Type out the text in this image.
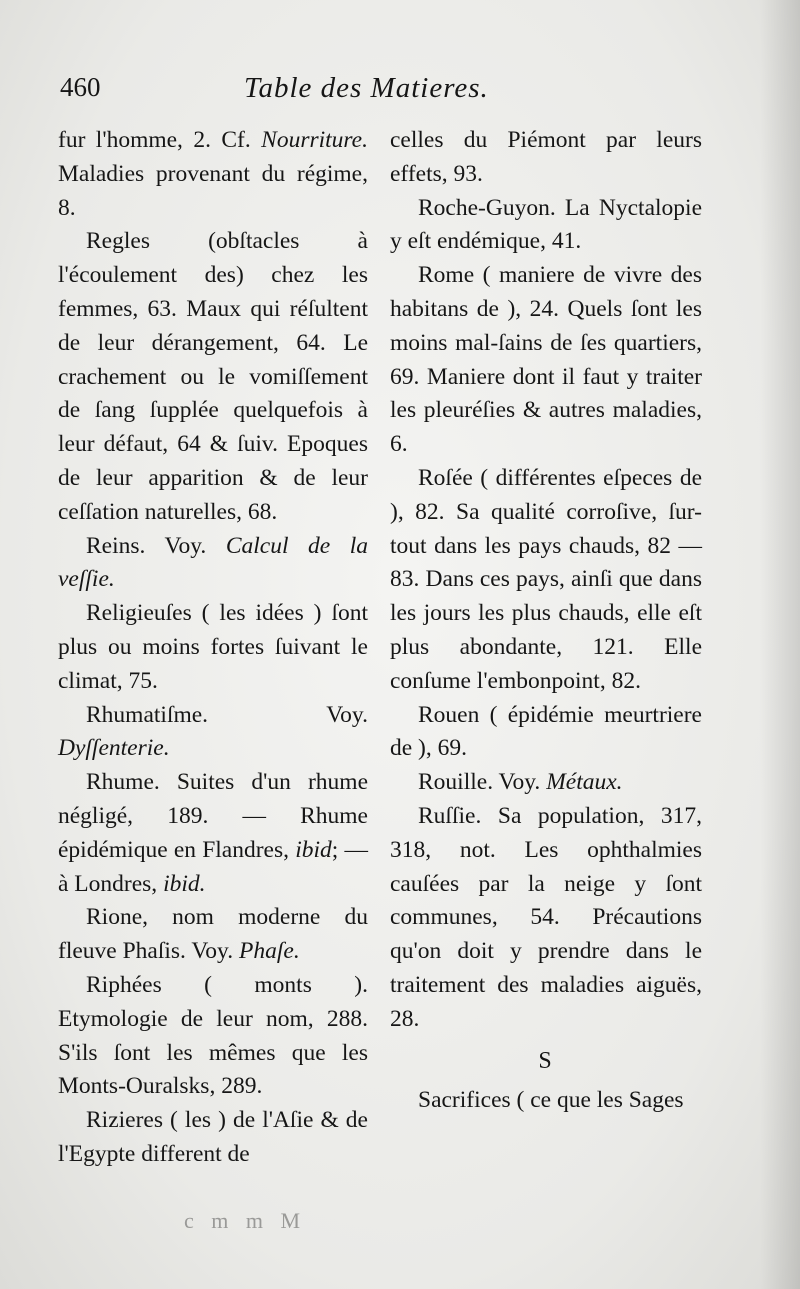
460	Table des Matieres.
fur l'homme, 2. Cf. Nourriture. Maladies provenant du régime, 8.
Regles (obſtacles à l'écoulement des) chez les femmes, 63. Maux qui réſultent de leur dérangement, 64. Le crachement ou le vomiſſement de ſang ſupplée quelquefois à leur défaut, 64 & ſuiv. Epoques de leur apparition & de leur ceſſation naturelles, 68.
Reins. Voy. Calcul de la veſſie.
Religieuſes ( les idées ) ſont plus ou moins fortes ſuivant le climat, 75.
Rhumatiſme. Voy. Dyſſenterie.
Rhume. Suites d'un rhume négligé, 189. — Rhume épidémique en Flandres, ibid; — à Londres, ibid.
Rione, nom moderne du fleuve Phaſis. Voy. Phaſe.
Riphées ( monts ). Etymologie de leur nom, 288. S'ils ſont les mêmes que les Monts-Ouralsks, 289.
Rizieres ( les ) de l'Aſie & de l'Egypte different de
celles du Piémont par leurs effets, 93.
Roche-Guyon. La Nyctalopie y eſt endémique, 41.
Rome ( maniere de vivre des habitans de ), 24. Quels ſont les moins mal-ſains de ſes quartiers, 69. Maniere dont il faut y traiter les pleuréſies & autres maladies, 6.
Roſée ( différentes eſpeces de ), 82. Sa qualité corroſive, ſur-tout dans les pays chauds, 82 — 83. Dans ces pays, ainſi que dans les jours les plus chauds, elle eſt plus abondante, 121. Elle conſume l'embonpoint, 82.
Rouen ( épidémie meurtriere de ), 69.
Rouille. Voy. Métaux.
Ruſſie. Sa population, 317, 318, not. Les ophthalmies cauſées par la neige y ſont communes, 54. Précautions qu'on doit y prendre dans le traitement des maladies aiguës, 28.
S
Sacrifices ( ce que les Sages
c m m M
